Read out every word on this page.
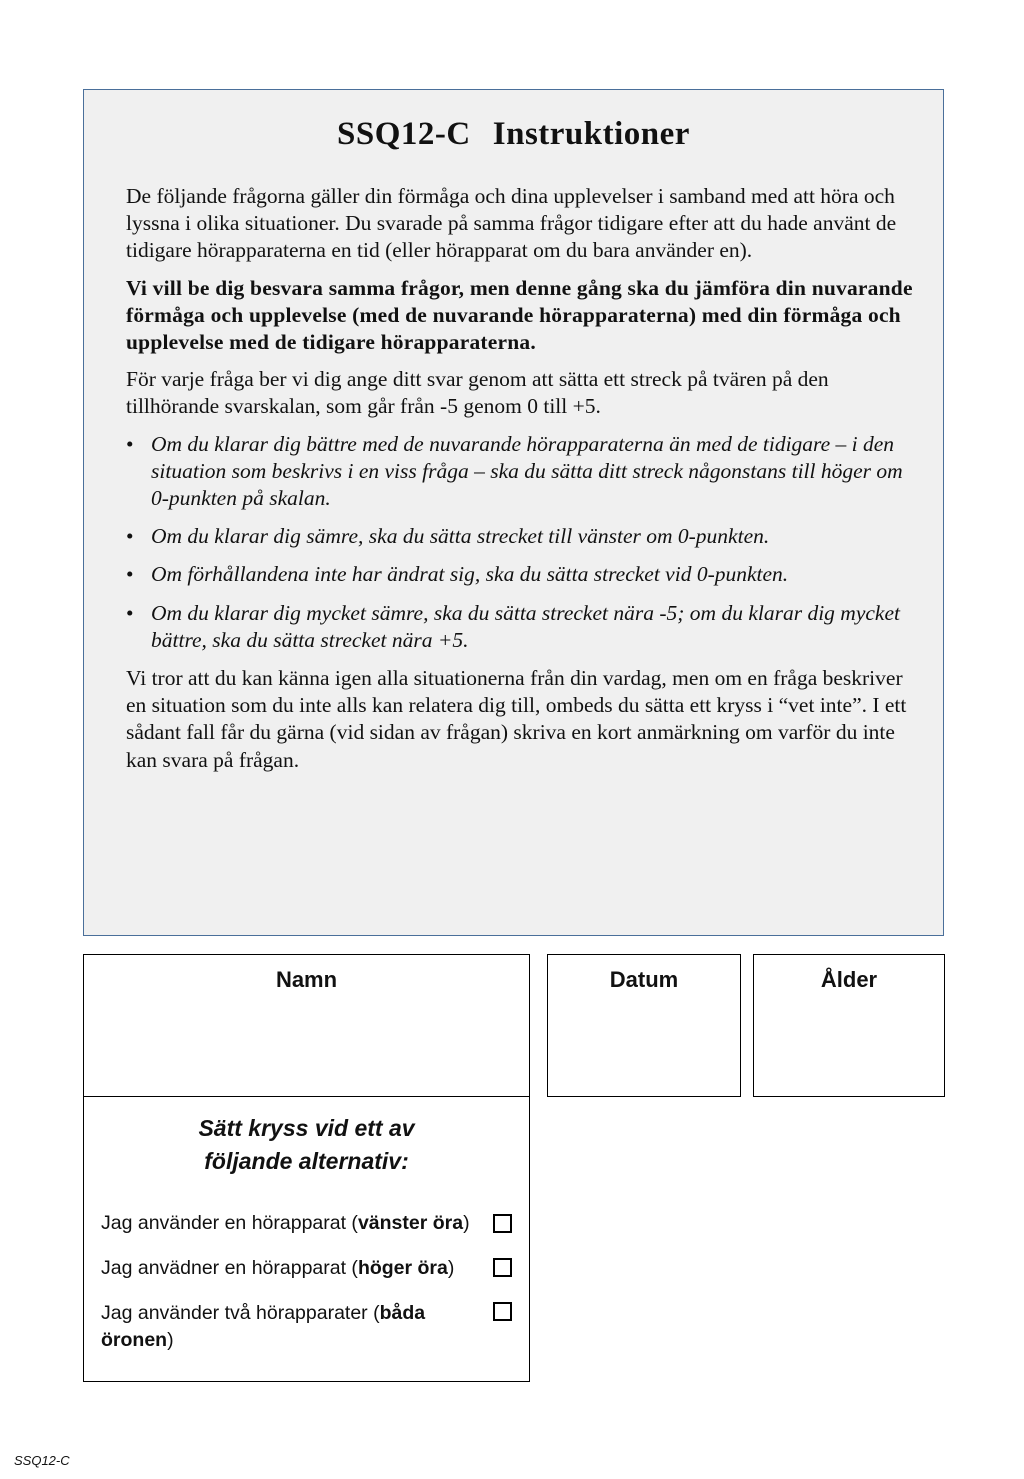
SSQ12-C Instruktioner

De följande frågorna gäller din förmåga och dina upplevelser i samband med att höra och lyssna i olika situationer. Du svarade på samma frågor tidigare efter att du hade använt de tidigare hörapparaterna en tid (eller hörapparat om du bara använder en).

Vi vill be dig besvara samma frågor, men denne gång ska du jämföra din nuvarande förmåga och upplevelse (med de nuvarande hörapparaterna) med din förmåga och upplevelse med de tidigare hörapparaterna.

För varje fråga ber vi dig ange ditt svar genom att sätta ett streck på tvären på den tillhörande svarskalan, som går från -5 genom 0 till +5.

• Om du klarar dig bättre med de nuvarande hörapparaterna än med de tidigare – i den situation som beskrivs i en viss fråga – ska du sätta ditt streck någonstans till höger om 0-punkten på skalan.
• Om du klarar dig sämre, ska du sätta strecket till vänster om 0-punkten.
• Om förhållandena inte har ändrat sig, ska du sätta strecket vid 0-punkten.
• Om du klarar dig mycket sämre, ska du sätta strecket nära -5; om du klarar dig mycket bättre, ska du sätta strecket nära +5.

Vi tror att du kan känna igen alla situationerna från din vardag, men om en fråga beskriver en situation som du inte alls kan relatera dig till, ombeds du sätta ett kryss i “vet inte”. I ett sådant fall får du gärna (vid sidan av frågan) skriva en kort anmärkning om varför du inte kan svara på frågan.

Namn	Datum	Ålder
Sätt kryss vid ett av
följande alternativ:
Jag använder en hörapparat (vänster öra)
Jag anvädner en hörapparat (höger öra)
Jag använder två hörapparater (båda öronen)
SSQ12-C
